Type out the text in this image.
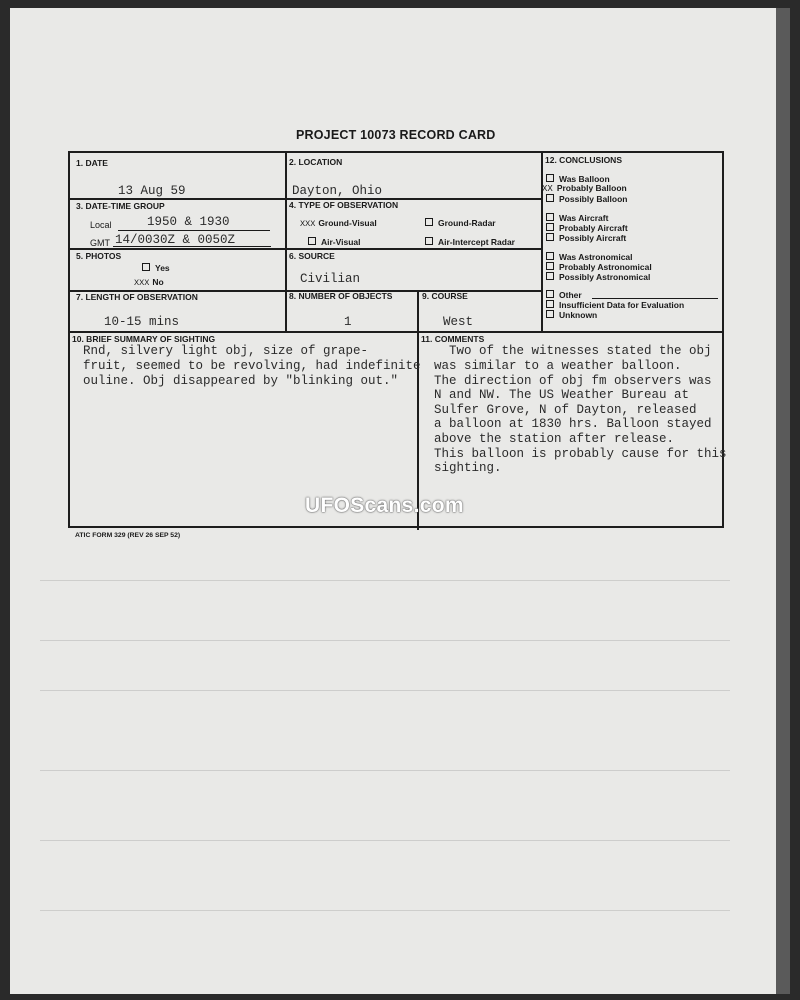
PROJECT 10073 RECORD CARD
1. DATE
13 Aug 59
2. LOCATION
Dayton, Ohio
3. DATE-TIME GROUP
Local	1950 & 1930
GMT 14/0030Z & 0050Z
4. TYPE OF OBSERVATION
XXX Ground-Visual	Ground-Radar
Air-Visual	Air-Intercept Radar
5. PHOTOS
Yes
XXX No
6. SOURCE
Civilian
7. LENGTH OF OBSERVATION
10-15 mins
8. NUMBER OF OBJECTS
1
9. COURSE
West
10. BRIEF SUMMARY OF SIGHTING
Rnd, silvery light obj, size of grape-
fruit, seemed to be revolving, had indefinite
ouline. Obj disappeared by "blinking out."
11. COMMENTS
Two of the witnesses stated the obj
was similar to a weather balloon.
The direction of obj fm observers was
N and NW. The US Weather Bureau at
Sulfer Grove, N of Dayton, released
a balloon at 1830 hrs. Balloon stayed
above the station after release.
This balloon is probably cause for this
sighting.
12. CONCLUSIONS
Was Balloon
XX Probably Balloon
Possibly Balloon
Was Aircraft
Probably Aircraft
Possibly Aircraft
Was Astronomical
Probably Astronomical
Possibly Astronomical
Other
Insufficient Data for Evaluation
Unknown
ATIC FORM 329 (REV 26 SEP 52)
UFOScans.com
